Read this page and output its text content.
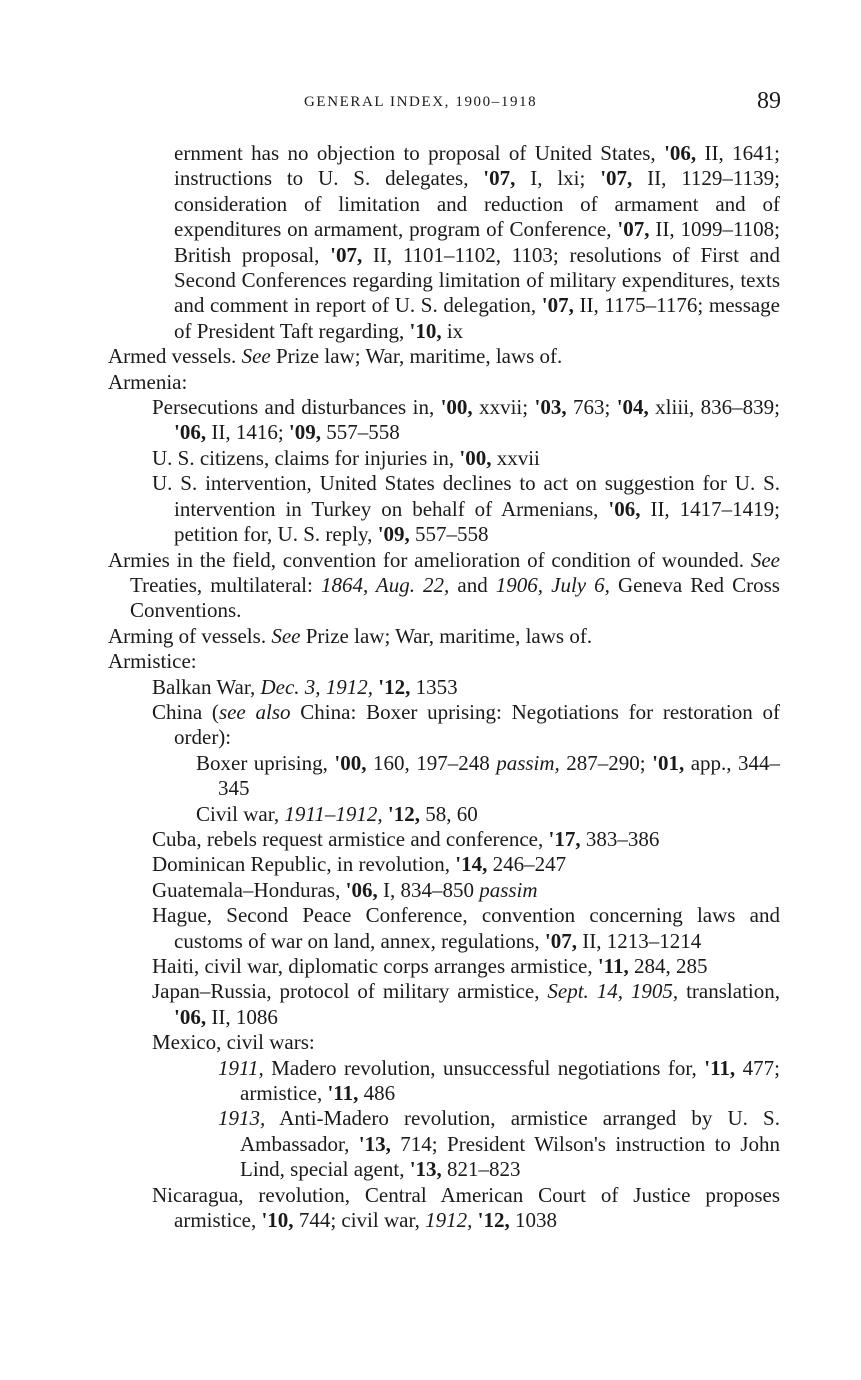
GENERAL INDEX, 1900–1918	89

ernment has no objection to proposal of United States, '06, II, 1641; instructions to U. S. delegates, '07, I, lxi; '07, II, 1129–1139; consideration of limitation and reduction of armament and of expenditures on armament, program of Conference, '07, II, 1099–1108; British proposal, '07, II, 1101–1102, 1103; resolutions of First and Second Conferences regarding limitation of military expenditures, texts and comment in report of U. S. delegation, '07, II, 1175–1176; message of President Taft regarding, '10, ix

Armed vessels. See Prize law; War, maritime, laws of.

Armenia:

Persecutions and disturbances in, '00, xxvii; '03, 763; '04, xliii, 836–839; '06, II, 1416; '09, 557–558

U. S. citizens, claims for injuries in, '00, xxvii

U. S. intervention, United States declines to act on suggestion for U. S. intervention in Turkey on behalf of Armenians, '06, II, 1417–1419; petition for, U. S. reply, '09, 557–558

Armies in the field, convention for amelioration of condition of wounded. See Treaties, multilateral: 1864, Aug. 22, and 1906, July 6, Geneva Red Cross Conventions.

Arming of vessels. See Prize law; War, maritime, laws of.

Armistice:

Balkan War, Dec. 3, 1912, '12, 1353

China (see also China: Boxer uprising: Negotiations for restoration of order):

Boxer uprising, '00, 160, 197–248 passim, 287–290; '01, app., 344–345

Civil war, 1911–1912, '12, 58, 60

Cuba, rebels request armistice and conference, '17, 383–386

Dominican Republic, in revolution, '14, 246–247

Guatemala–Honduras, '06, I, 834–850 passim

Hague, Second Peace Conference, convention concerning laws and customs of war on land, annex, regulations, '07, II, 1213–1214

Haiti, civil war, diplomatic corps arranges armistice, '11, 284, 285

Japan–Russia, protocol of military armistice, Sept. 14, 1905, translation, '06, II, 1086

Mexico, civil wars:

1911, Madero revolution, unsuccessful negotiations for, '11, 477; armistice, '11, 486

1913, Anti-Madero revolution, armistice arranged by U. S. Ambassador, '13, 714; President Wilson's instruction to John Lind, special agent, '13, 821–823

Nicaragua, revolution, Central American Court of Justice proposes armistice, '10, 744; civil war, 1912, '12, 1038
